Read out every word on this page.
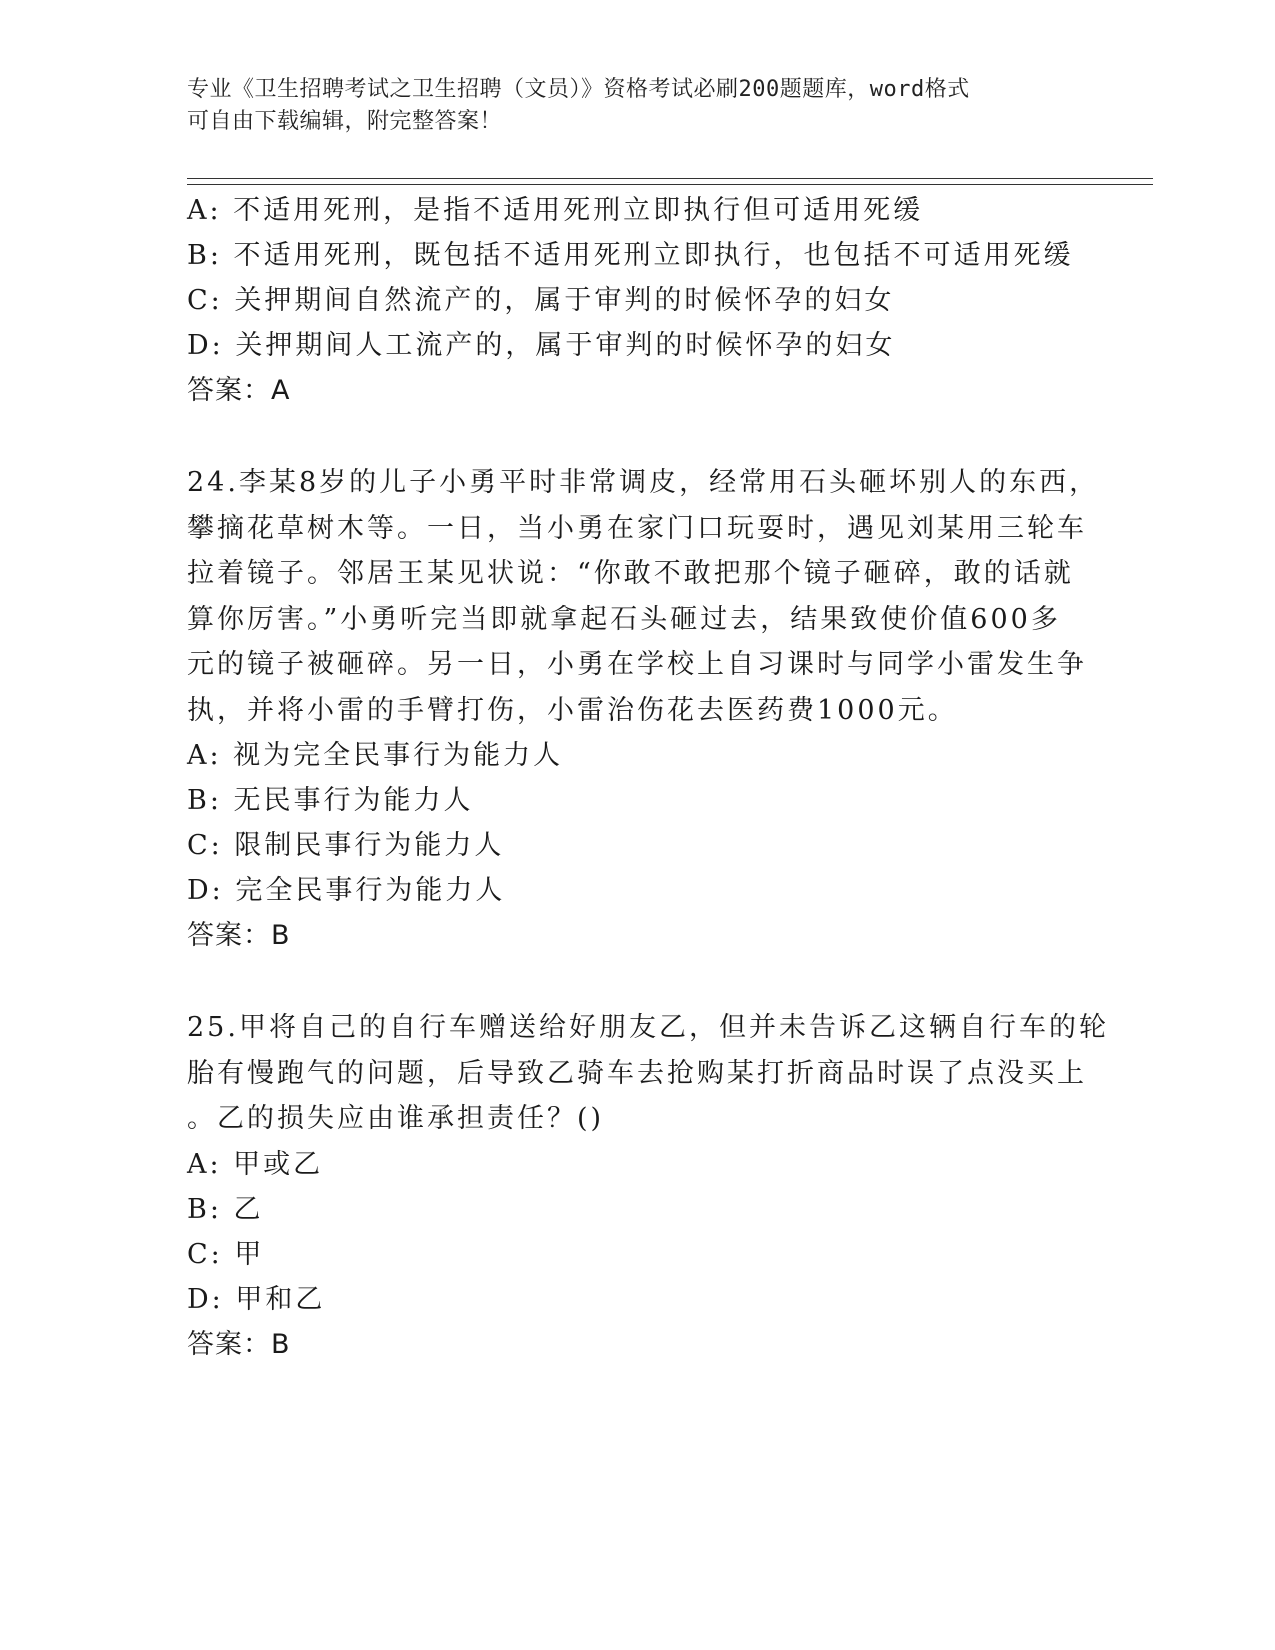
专业《卫生招聘考试之卫生招聘（文员）》资格考试必刷200题题库，word格式
可自由下载编辑，附完整答案！
A: 不适用死刑，是指不适用死刑立即执行但可适用死缓
B: 不适用死刑，既包括不适用死刑立即执行，也包括不可适用死缓
C: 关押期间自然流产的，属于审判的时候怀孕的妇女
D: 关押期间人工流产的，属于审判的时候怀孕的妇女
答案：A
24.李某8岁的儿子小勇平时非常调皮，经常用石头砸坏别人的东西，
攀摘花草树木等。一日，当小勇在家门口玩耍时，遇见刘某用三轮车
拉着镜子。邻居王某见状说：“你敢不敢把那个镜子砸碎，敢的话就
算你厉害。”小勇听完当即就拿起石头砸过去，结果致使价值600多
元的镜子被砸碎。另一日，小勇在学校上自习课时与同学小雷发生争
执，并将小雷的手臂打伤，小雷治伤花去医药费1000元。
A: 视为完全民事行为能力人
B: 无民事行为能力人
C: 限制民事行为能力人
D: 完全民事行为能力人
答案：B
25.甲将自己的自行车赠送给好朋友乙，但并未告诉乙这辆自行车的轮
胎有慢跑气的问题，后导致乙骑车去抢购某打折商品时误了点没买上
。乙的损失应由谁承担责任？()
A: 甲或乙
B: 乙
C: 甲
D: 甲和乙
答案：B
